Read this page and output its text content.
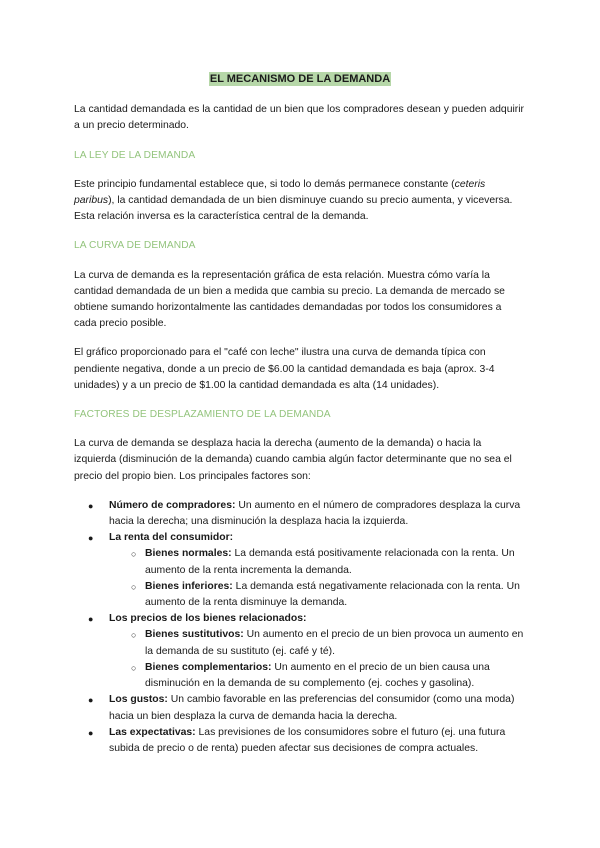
EL MECANISMO DE LA DEMANDA

La cantidad demandada es la cantidad de un bien que los compradores desean y pueden adquirir a un precio determinado.

LA LEY DE LA DEMANDA

Este principio fundamental establece que, si todo lo demás permanece constante (ceteris paribus), la cantidad demandada de un bien disminuye cuando su precio aumenta, y viceversa. Esta relación inversa es la característica central de la demanda.

LA CURVA DE DEMANDA

La curva de demanda es la representación gráfica de esta relación. Muestra cómo varía la cantidad demandada de un bien a medida que cambia su precio. La demanda de mercado se obtiene sumando horizontalmente las cantidades demandadas por todos los consumidores a cada precio posible.

El gráfico proporcionado para el "café con leche" ilustra una curva de demanda típica con pendiente negativa, donde a un precio de $6.00 la cantidad demandada es baja (aprox. 3-4 unidades) y a un precio de $1.00 la cantidad demandada es alta (14 unidades).

FACTORES DE DESPLAZAMIENTO DE LA DEMANDA

La curva de demanda se desplaza hacia la derecha (aumento de la demanda) o hacia la izquierda (disminución de la demanda) cuando cambia algún factor determinante que no sea el precio del propio bien. Los principales factores son:

● Número de compradores: Un aumento en el número de compradores desplaza la curva hacia la derecha; una disminución la desplaza hacia la izquierda.
● La renta del consumidor:
○ Bienes normales: La demanda está positivamente relacionada con la renta. Un aumento de la renta incrementa la demanda.
○ Bienes inferiores: La demanda está negativamente relacionada con la renta. Un aumento de la renta disminuye la demanda.
● Los precios de los bienes relacionados:
○ Bienes sustitutivos: Un aumento en el precio de un bien provoca un aumento en la demanda de su sustituto (ej. café y té).
○ Bienes complementarios: Un aumento en el precio de un bien causa una disminución en la demanda de su complemento (ej. coches y gasolina).
● Los gustos: Un cambio favorable en las preferencias del consumidor (como una moda) hacia un bien desplaza la curva de demanda hacia la derecha.
● Las expectativas: Las previsiones de los consumidores sobre el futuro (ej. una futura subida de precio o de renta) pueden afectar sus decisiones de compra actuales.
